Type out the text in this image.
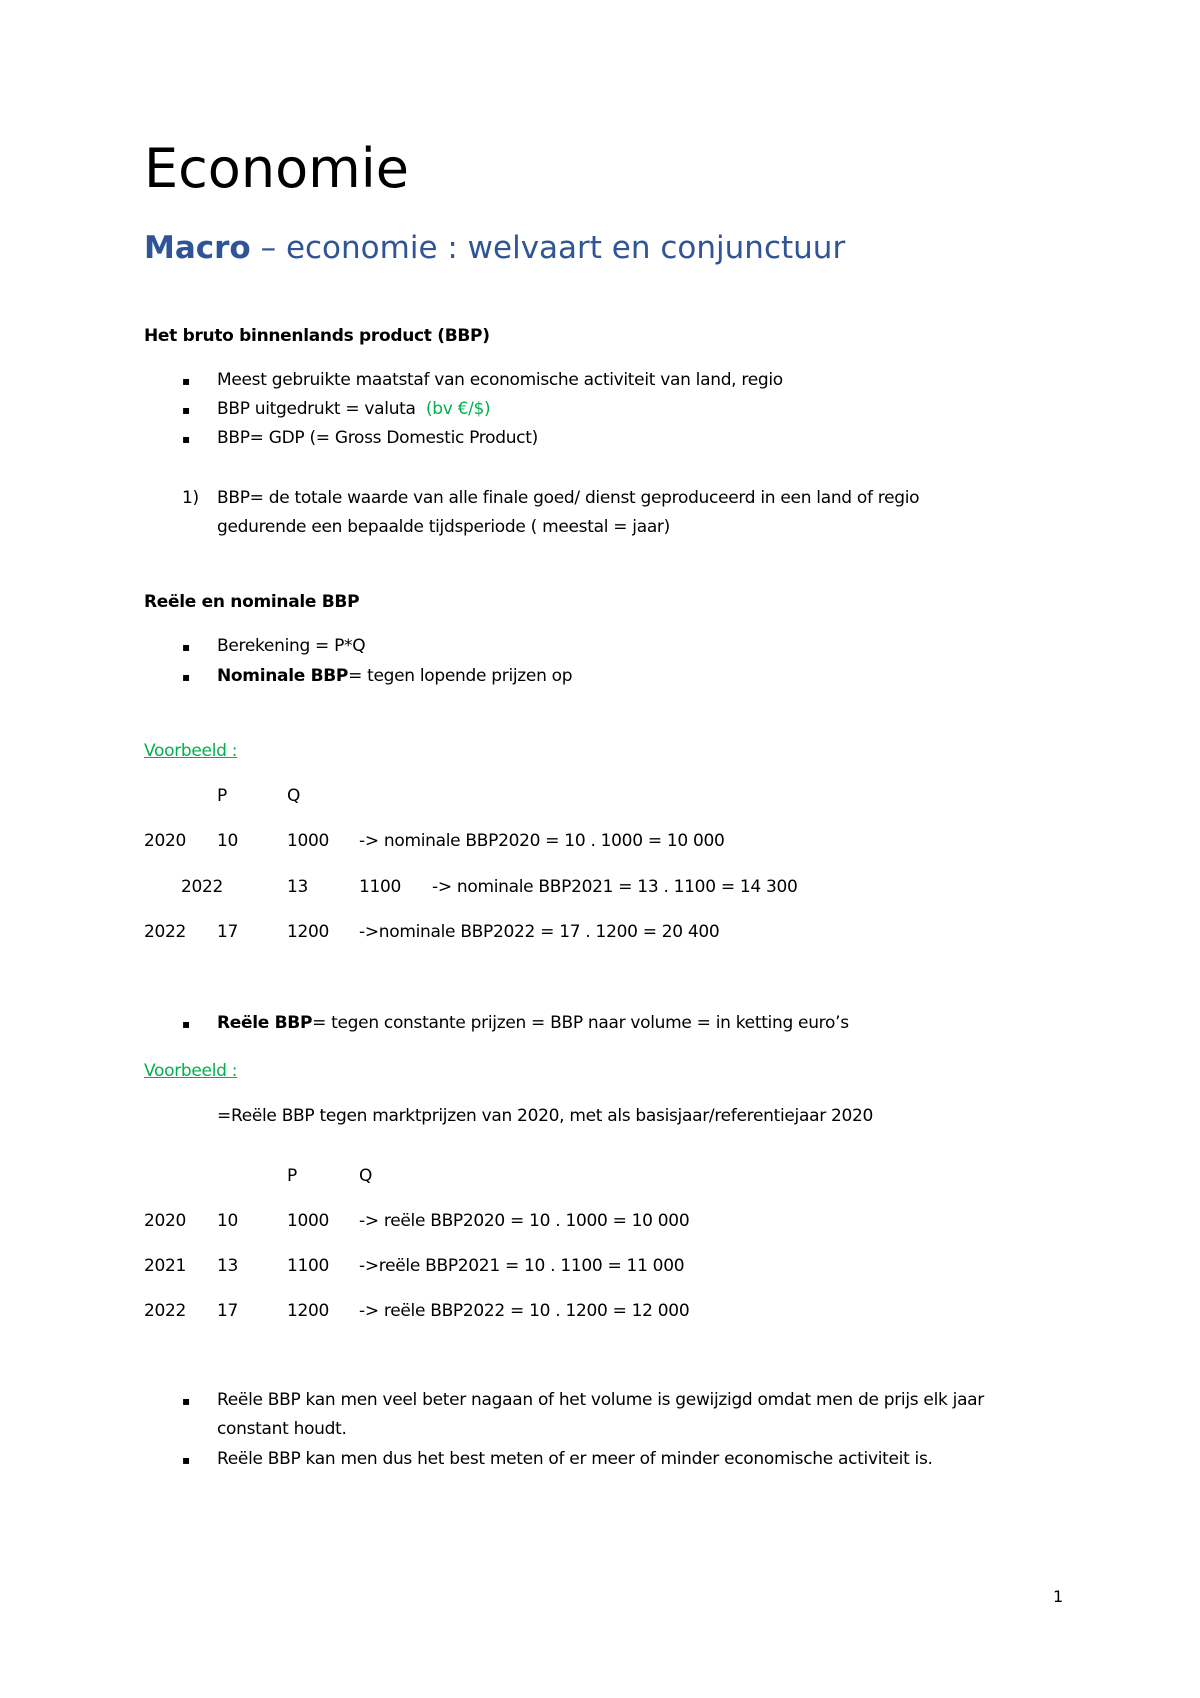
Economie
Macro – economie : welvaart en conjunctuur
Het bruto binnenlands product (BBP)
▪ Meest gebruikte maatstaf van economische activiteit van land, regio
▪ BBP uitgedrukt = valuta (bv €/$)
▪ BBP= GDP (= Gross Domestic Product)
1) BBP= de totale waarde van alle finale goed/ dienst geproduceerd in een land of regio
gedurende een bepaalde tijdsperiode ( meestal = jaar)
Reële en nominale BBP
▪ Berekening = P*Q
▪ Nominale BBP= tegen lopende prijzen op
Voorbeeld :
P	Q
2020 10	1000 -> nominale BBP2020 = 10 . 1000 = 10 000
2022	13	1100 -> nominale BBP2021 = 13 . 1100 = 14 300
2022 17	1200 ->nominale BBP2022 = 17 . 1200 = 20 400
▪ Reële BBP= tegen constante prijzen = BBP naar volume = in ketting euro’s
Voorbeeld :
=Reële BBP tegen marktprijzen van 2020, met als basisjaar/referentiejaar 2020
P	Q
2020 10	1000 -> reële BBP2020 = 10 . 1000 = 10 000
2021 13	1100 ->reële BBP2021 = 10 . 1100 = 11 000
2022 17	1200 -> reële BBP2022 = 10 . 1200 = 12 000
▪ Reële BBP kan men veel beter nagaan of het volume is gewijzigd omdat men de prijs elk jaar
constant houdt.
▪ Reële BBP kan men dus het best meten of er meer of minder economische activiteit is.
1
